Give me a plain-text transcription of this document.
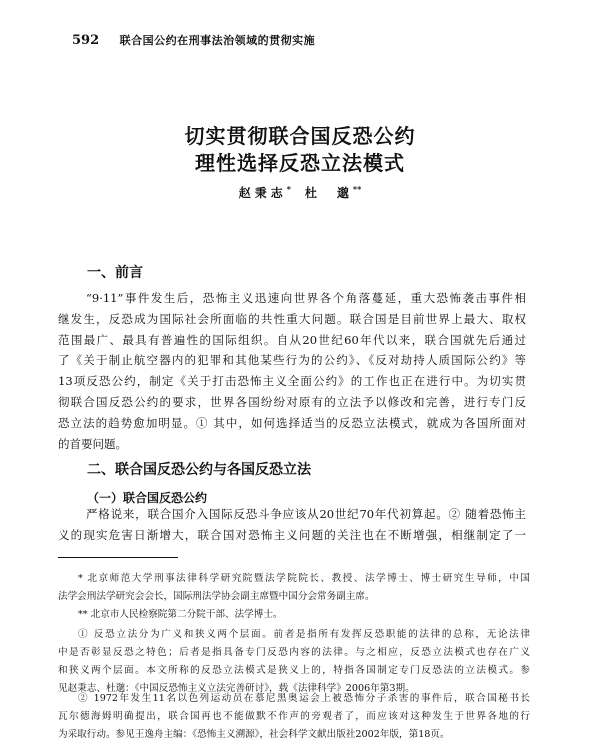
592 联合国公约在刑事法治领域的贯彻实施
切实贯彻联合国反恐公约
理性选择反恐立法模式
赵秉志* 杜　邈**
一、前言
“9·11”事件发生后，恐怖主义迅速向世界各个角落蔓延，重大恐怖袭击事件相
继发生，反恐成为国际社会所面临的共性重大问题。联合国是目前世界上最大、取权
范围最广、最具有普遍性的国际组织。自从20世纪60年代以来，联合国就先后通过
了《关于制止航空器内的犯罪和其他某些行为的公约》、《反对劫持人质国际公约》等
13项反恐公约，制定《关于打击恐怖主义全面公约》的工作也正在进行中。为切实贯
彻联合国反恐公约的要求，世界各国纷纷对原有的立法予以修改和完善，进行专门反
恐立法的趋势愈加明显。① 其中，如何选择适当的反恐立法模式，就成为各国所面对
的首要问题。
二、联合国反恐公约与各国反恐立法
（一）联合国反恐公约
严格说来，联合国介入国际反恐斗争应该从20世纪70年代初算起。② 随着恐怖主
义的现实危害日渐增大，联合国对恐怖主义问题的关注也在不断增强，相继制定了一
* 北京师范大学刑事法律科学研究院暨法学院院长、教授、法学博士、博士研究生导师，中国
法学会刑法学研究会会长，国际刑法学协会副主席暨中国分会常务副主席。
** 北京市人民检察院第二分院干部、法学博士。
① 反恐立法分为广义和狭义两个层面。前者是指所有发挥反恐职能的法律的总称，无论法律
中是否彰显反恐之特色；后者是指具备专门反恐内容的法律。与之相应，反恐立法模式也存在广义
和狭义两个层面。本文所称的反恐立法模式是狭义上的，特指各国制定专门反恐法的立法模式。参
见赵秉志、杜邈：《中国反恐怖主义立法完善研讨》，载《法律科学》2006年第3期。
② 1972年发生11名以色列运动员在慕尼黑奥运会上被恐怖分子杀害的事件后，联合国秘书长
瓦尔德海姆明确提出，联合国再也不能做默不作声的旁观者了，而应该对这种发生于世界各地的行
为采取行动。参见王逸舟主编：《恐怖主义溯源》，社会科学文献出版社2002年版，第18页。
